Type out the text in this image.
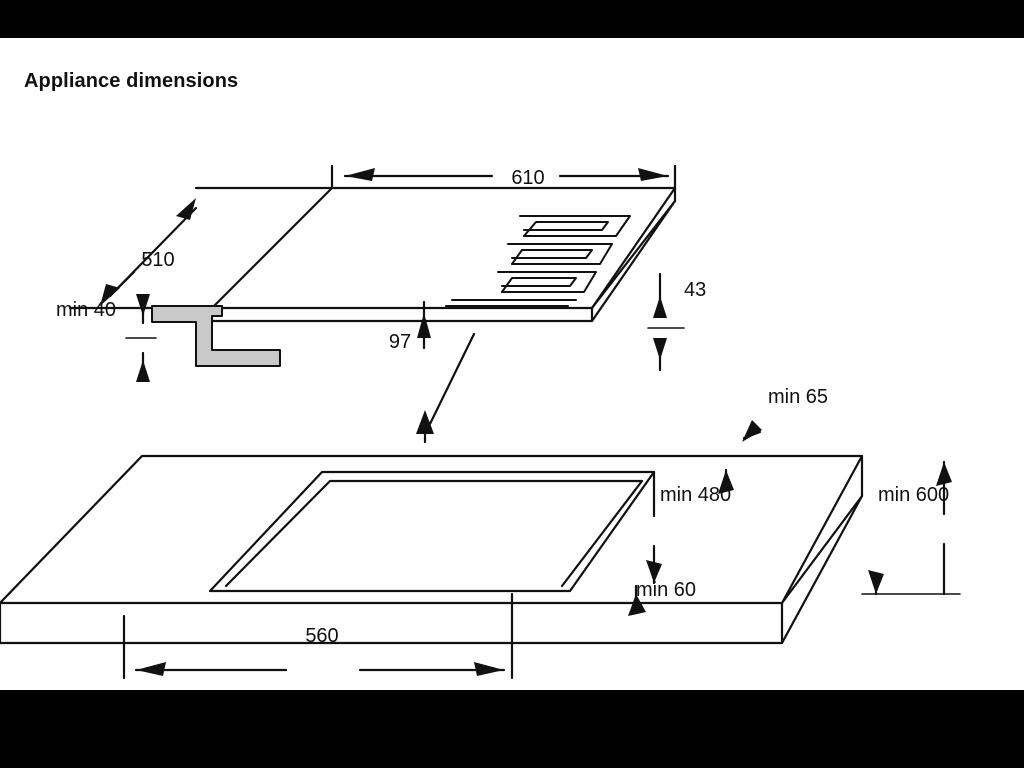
Appliance dimensions
610
510
min 40
97
43
min 65
min 480	min 600
min 60
560
